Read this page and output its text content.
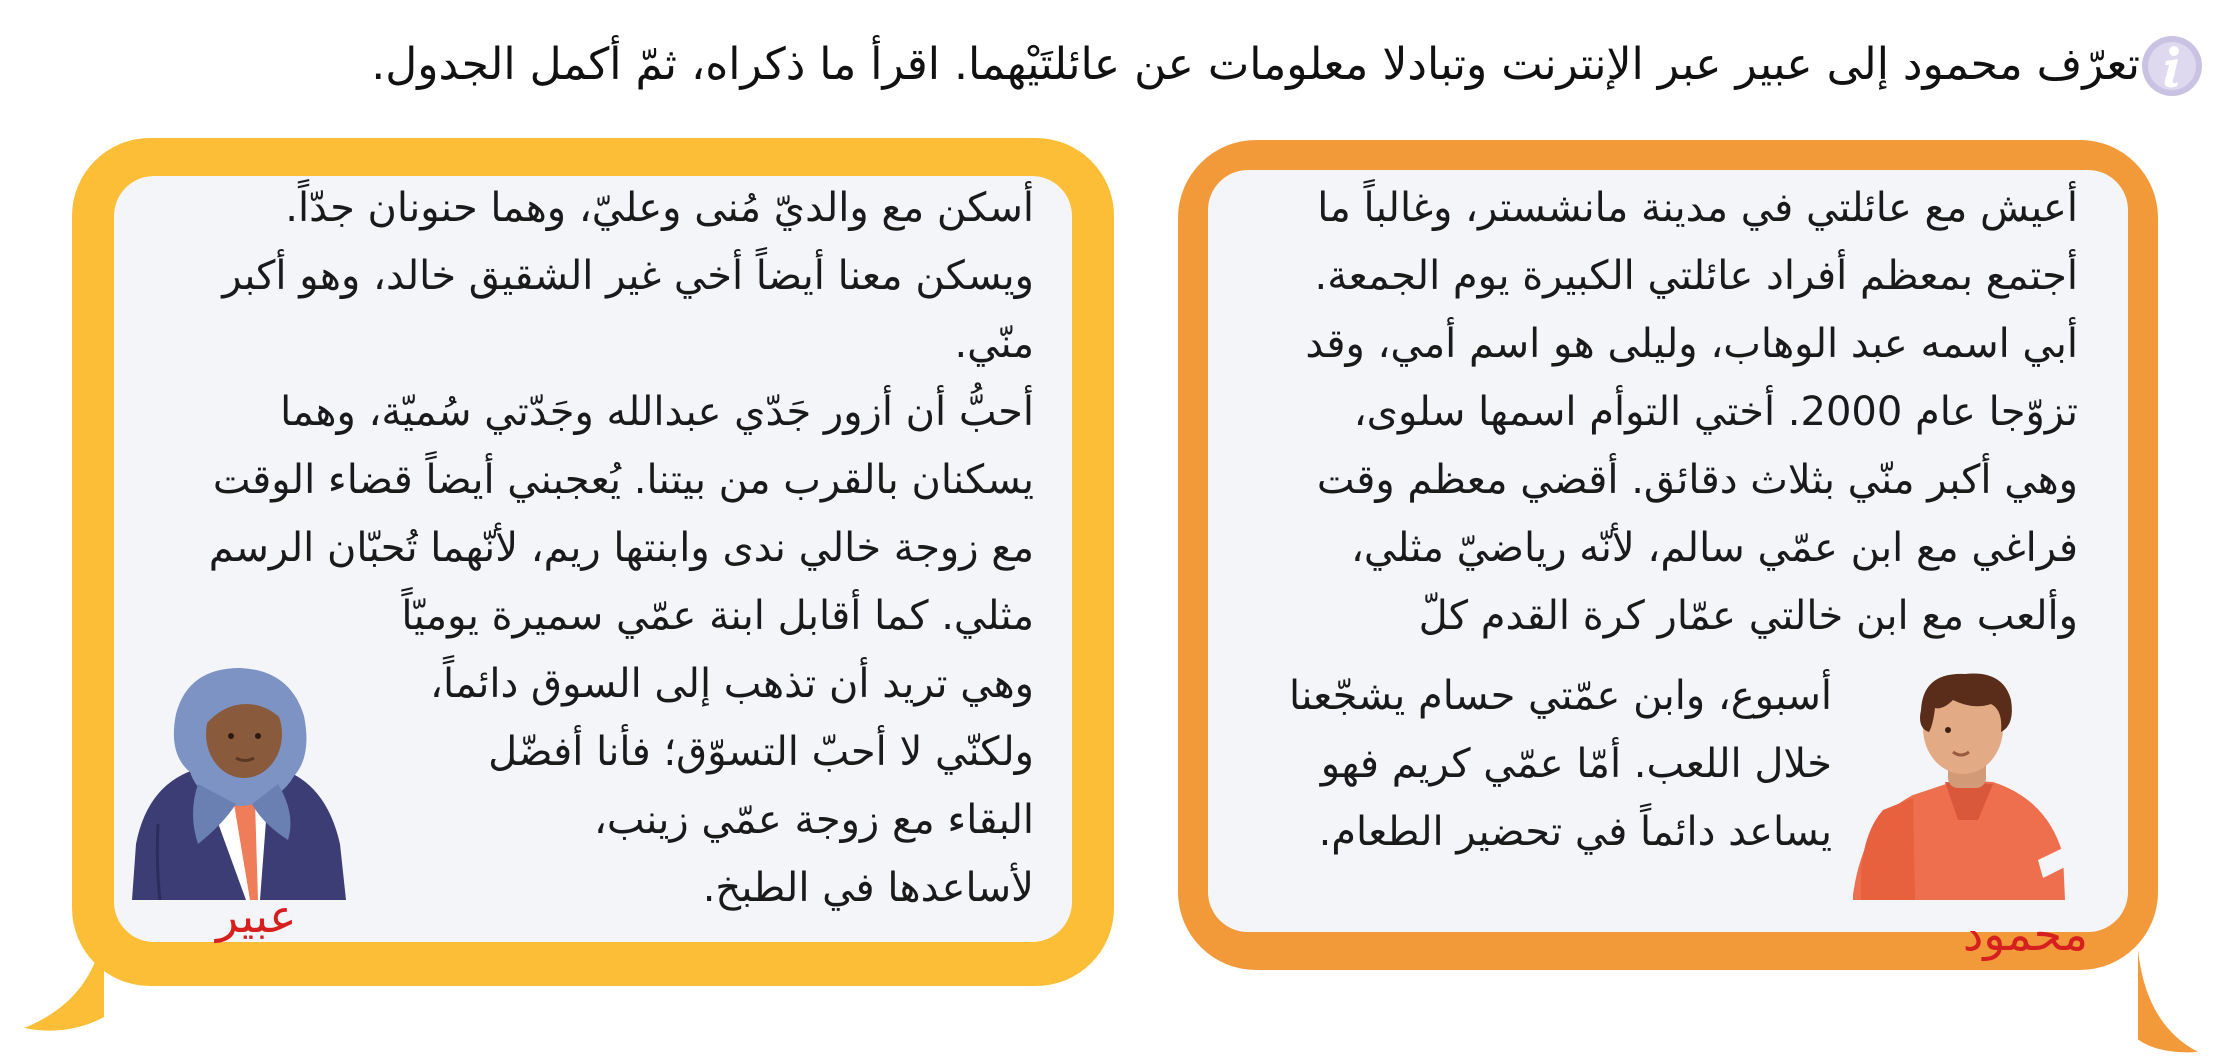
تعرّف محمود إلى عبير عبر الإنترنت وتبادلا معلومات عن عائلتَيْهما. اقرأ ما ذكراه، ثمّ أكمل الجدول.
أعيش مع عائلتي في مدينة مانشستر، وغالباً ما
أجتمع بمعظم أفراد عائلتي الكبيرة يوم الجمعة.
أبي اسمه عبد الوهاب، وليلى هو اسم أمي، وقد
تزوّجا عام 2000. أختي التوأم اسمها سلوى،
وهي أكبر منّي بثلاث دقائق. أقضي معظم وقت
فراغي مع ابن عمّي سالم، لأنّه رياضيّ مثلي،
وألعب مع ابن خالتي عمّار كرة القدم كلّ
أسبوع، وابن عمّتي حسام يشجّعنا
خلال اللعب. أمّا عمّي كريم فهو
يساعد دائماً في تحضير الطعام.
محمود
أسكن مع والديّ مُنى وعليّ، وهما حنونان جدّاً.
ويسكن معنا أيضاً أخي غير الشقيق خالد، وهو أكبر
منّي.
أحبُّ أن أزور جَدّي عبدالله وجَدّتي سُميّة، وهما
يسكنان بالقرب من بيتنا. يُعجبني أيضاً قضاء الوقت
مع زوجة خالي ندى وابنتها ريم، لأنّهما تُحبّان الرسم
مثلي. كما أقابل ابنة عمّي سميرة يوميّاً
وهي تريد أن تذهب إلى السوق دائماً،
ولكنّي لا أحبّ التسوّق؛ فأنا أفضّل
البقاء مع زوجة عمّي زينب،
لأساعدها في الطبخ.
عبير
